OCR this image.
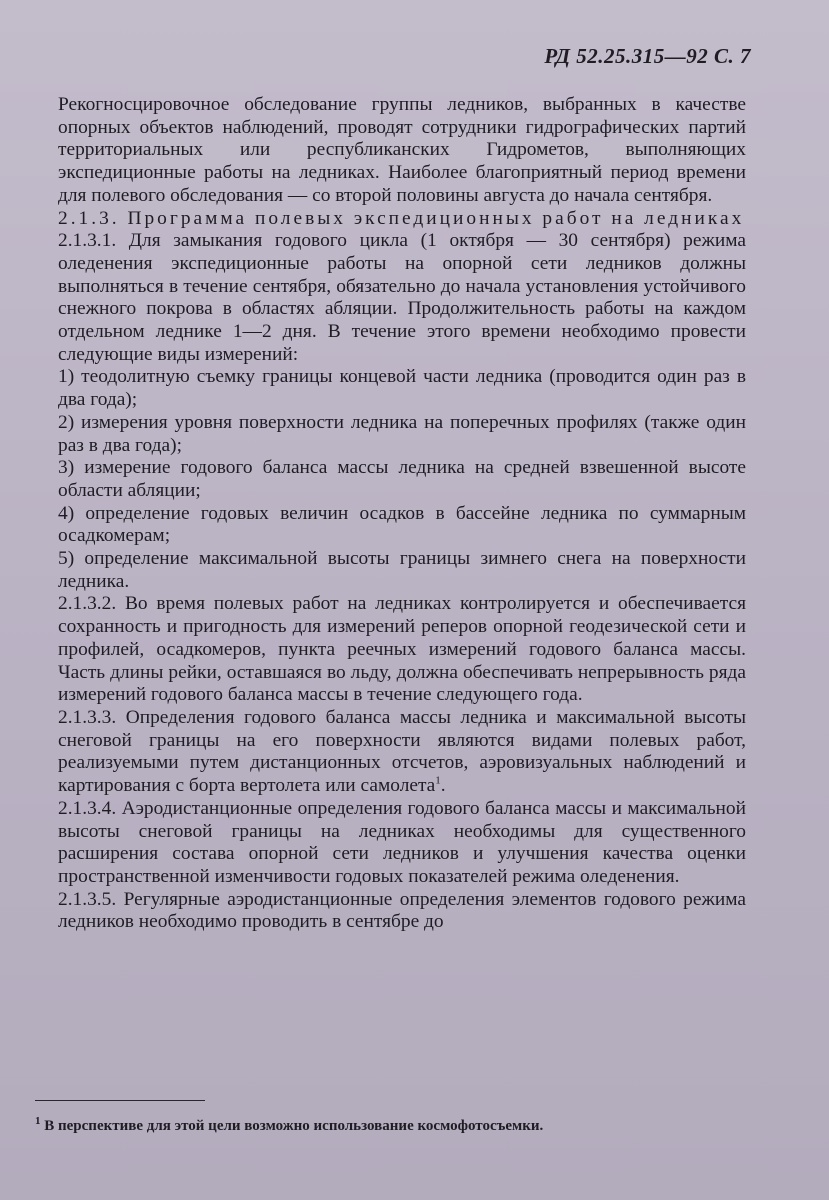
РД 52.25.315—92 С. 7

Рекогносцировочное обследование группы ледников, выбранных в качестве опорных объектов наблюдений, проводят сотрудники гидрографических партий территориальных или республиканских Гидрометов, выполняющих экспедиционные работы на ледниках. Наиболее благоприятный период времени для полевого обследования — со второй половины августа до начала сентября.

2.1.3. Программа полевых экспедиционных работ на ледниках

2.1.3.1. Для замыкания годового цикла (1 октября — 30 сентября) режима оледенения экспедиционные работы на опорной сети ледников должны выполняться в течение сентября, обязательно до начала установления устойчивого снежного покрова в областях абляции. Продолжительность работы на каждом отдельном леднике 1—2 дня. В течение этого времени необходимо провести следующие виды измерений:

1) теодолитную съемку границы концевой части ледника (проводится один раз в два года);

2) измерения уровня поверхности ледника на поперечных профилях (также один раз в два года);

3) измерение годового баланса массы ледника на средней взвешенной высоте области абляции;

4) определение годовых величин осадков в бассейне ледника по суммарным осадкомерам;

5) определение максимальной высоты границы зимнего снега на поверхности ледника.

2.1.3.2. Во время полевых работ на ледниках контролируется и обеспечивается сохранность и пригодность для измерений реперов опорной геодезической сети и профилей, осадкомеров, пункта реечных измерений годового баланса массы. Часть длины рейки, оставшаяся во льду, должна обеспечивать непрерывность ряда измерений годового баланса массы в течение следующего года.

2.1.3.3. Определения годового баланса массы ледника и максимальной высоты снеговой границы на его поверхности являются видами полевых работ, реализуемыми путем дистанционных отсчетов, аэровизуальных наблюдений и картирования с борта вертолета или самолета$^1$.

2.1.3.4. Аэродистанционные определения годового баланса массы и максимальной высоты снеговой границы на ледниках необходимы для существенного расширения состава опорной сети ледников и улучшения качества оценки пространственной изменчивости годовых показателей режима оледенения.

2.1.3.5. Регулярные аэродистанционные определения элементов годового режима ледников необходимо проводить в сентябре до

$^1$ В перспективе для этой цели возможно использование космофотосъемки.
